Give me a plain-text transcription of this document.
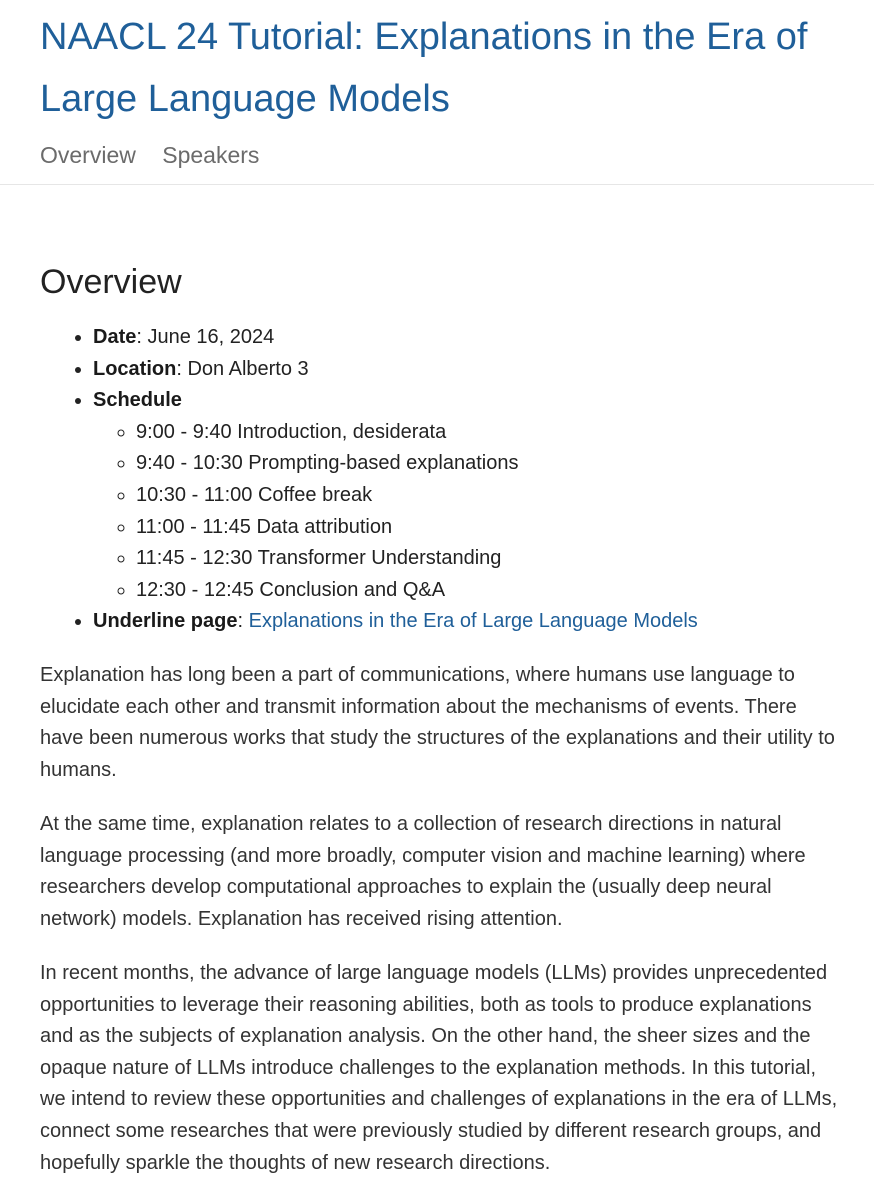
NAACL 24 Tutorial: Explanations in the Era of Large Language Models
Overview Speakers
Overview
• Date: June 16, 2024
• Location: Don Alberto 3
• Schedule
◦ 9:00 - 9:40 Introduction, desiderata
◦ 9:40 - 10:30 Prompting-based explanations
◦ 10:30 - 11:00 Coffee break
◦ 11:00 - 11:45 Data attribution
◦ 11:45 - 12:30 Transformer Understanding
◦ 12:30 - 12:45 Conclusion and Q&A
• Underline page: Explanations in the Era of Large Language Models

Explanation has long been a part of communications, where humans use language to elucidate each other and transmit information about the mechanisms of events. There have been numerous works that study the structures of the explanations and their utility to humans.

At the same time, explanation relates to a collection of research directions in natural language processing (and more broadly, computer vision and machine learning) where researchers develop computational approaches to explain the (usually deep neural network) models. Explanation has received rising attention.

In recent months, the advance of large language models (LLMs) provides unprecedented opportunities to leverage their reasoning abilities, both as tools to produce explanations and as the subjects of explanation analysis. On the other hand, the sheer sizes and the opaque nature of LLMs introduce challenges to the explanation methods. In this tutorial, we intend to review these opportunities and challenges of explanations in the era of LLMs, connect some researches that were previously studied by different research groups, and hopefully sparkle the thoughts of new research directions.
